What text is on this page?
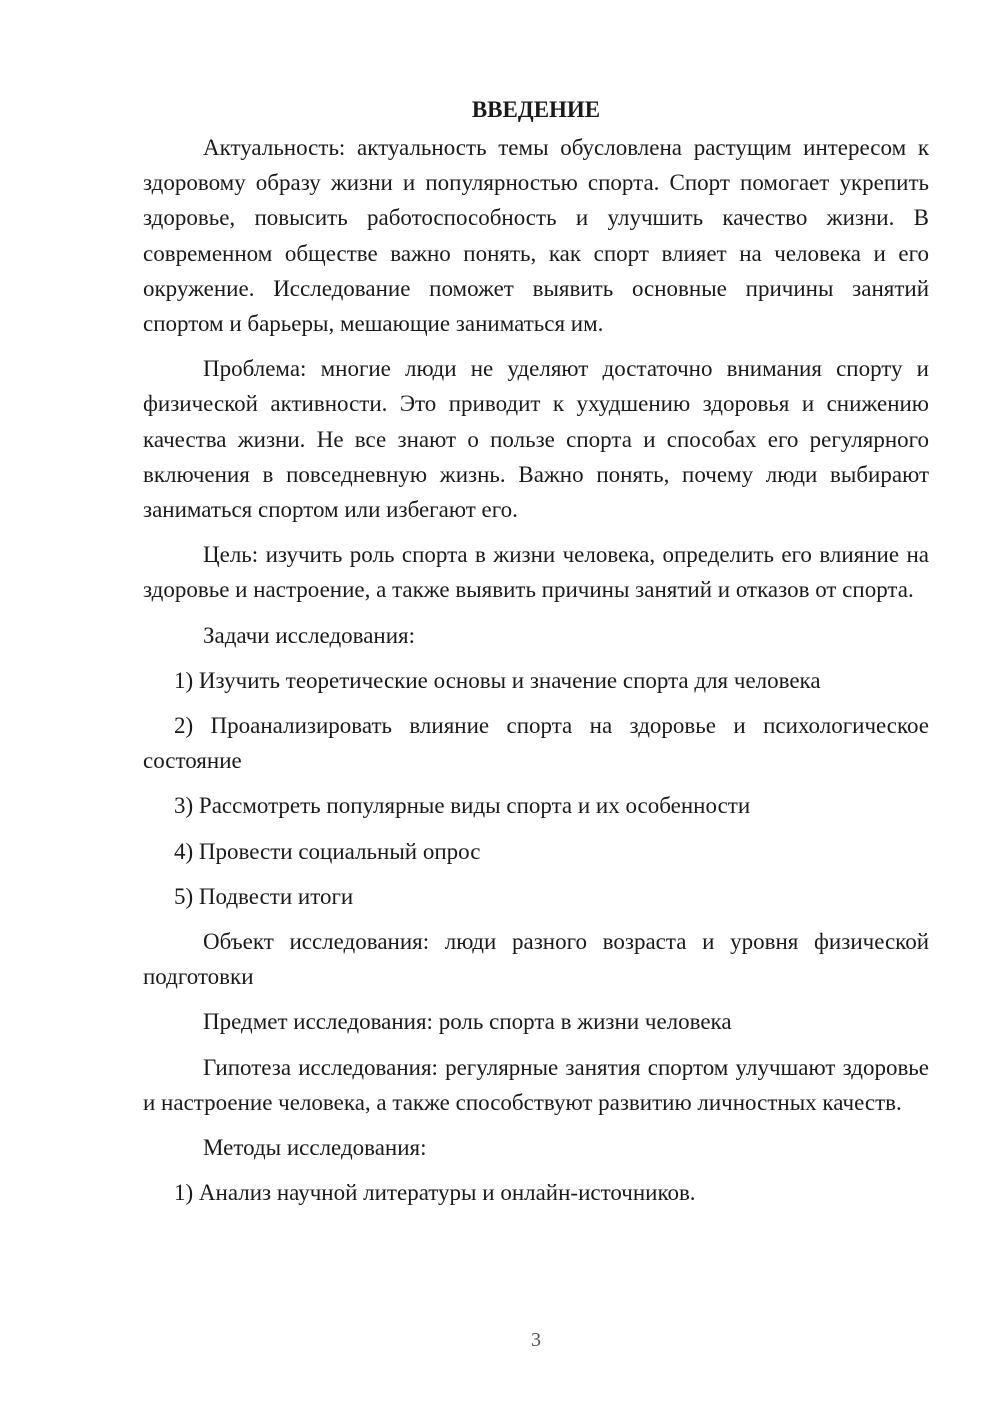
ВВЕДЕНИЕ

Актуальность: актуальность темы обусловлена растущим интересом к здоровому образу жизни и популярностью спорта. Спорт помогает укрепить здоровье, повысить работоспособность и улучшить качество жизни. В современном обществе важно понять, как спорт влияет на человека и его окружение. Исследование поможет выявить основные причины занятий спортом и барьеры, мешающие заниматься им.

Проблема: многие люди не уделяют достаточно внимания спорту и физической активности. Это приводит к ухудшению здоровья и снижению качества жизни. Не все знают о пользе спорта и способах его регулярного включения в повседневную жизнь. Важно понять, почему люди выбирают заниматься спортом или избегают его.

Цель: изучить роль спорта в жизни человека, определить его влияние на здоровье и настроение, а также выявить причины занятий и отказов от спорта.

Задачи исследования:

1) Изучить теоретические основы и значение спорта для человека

2) Проанализировать влияние спорта на здоровье и психологическое состояние

3) Рассмотреть популярные виды спорта и их особенности

4) Провести социальный опрос

5) Подвести итоги

Объект исследования: люди разного возраста и уровня физической подготовки

Предмет исследования: роль спорта в жизни человека

Гипотеза исследования: регулярные занятия спортом улучшают здоровье и настроение человека, а также способствуют развитию личностных качеств.

Методы исследования:

1) Анализ научной литературы и онлайн-источников.

3
